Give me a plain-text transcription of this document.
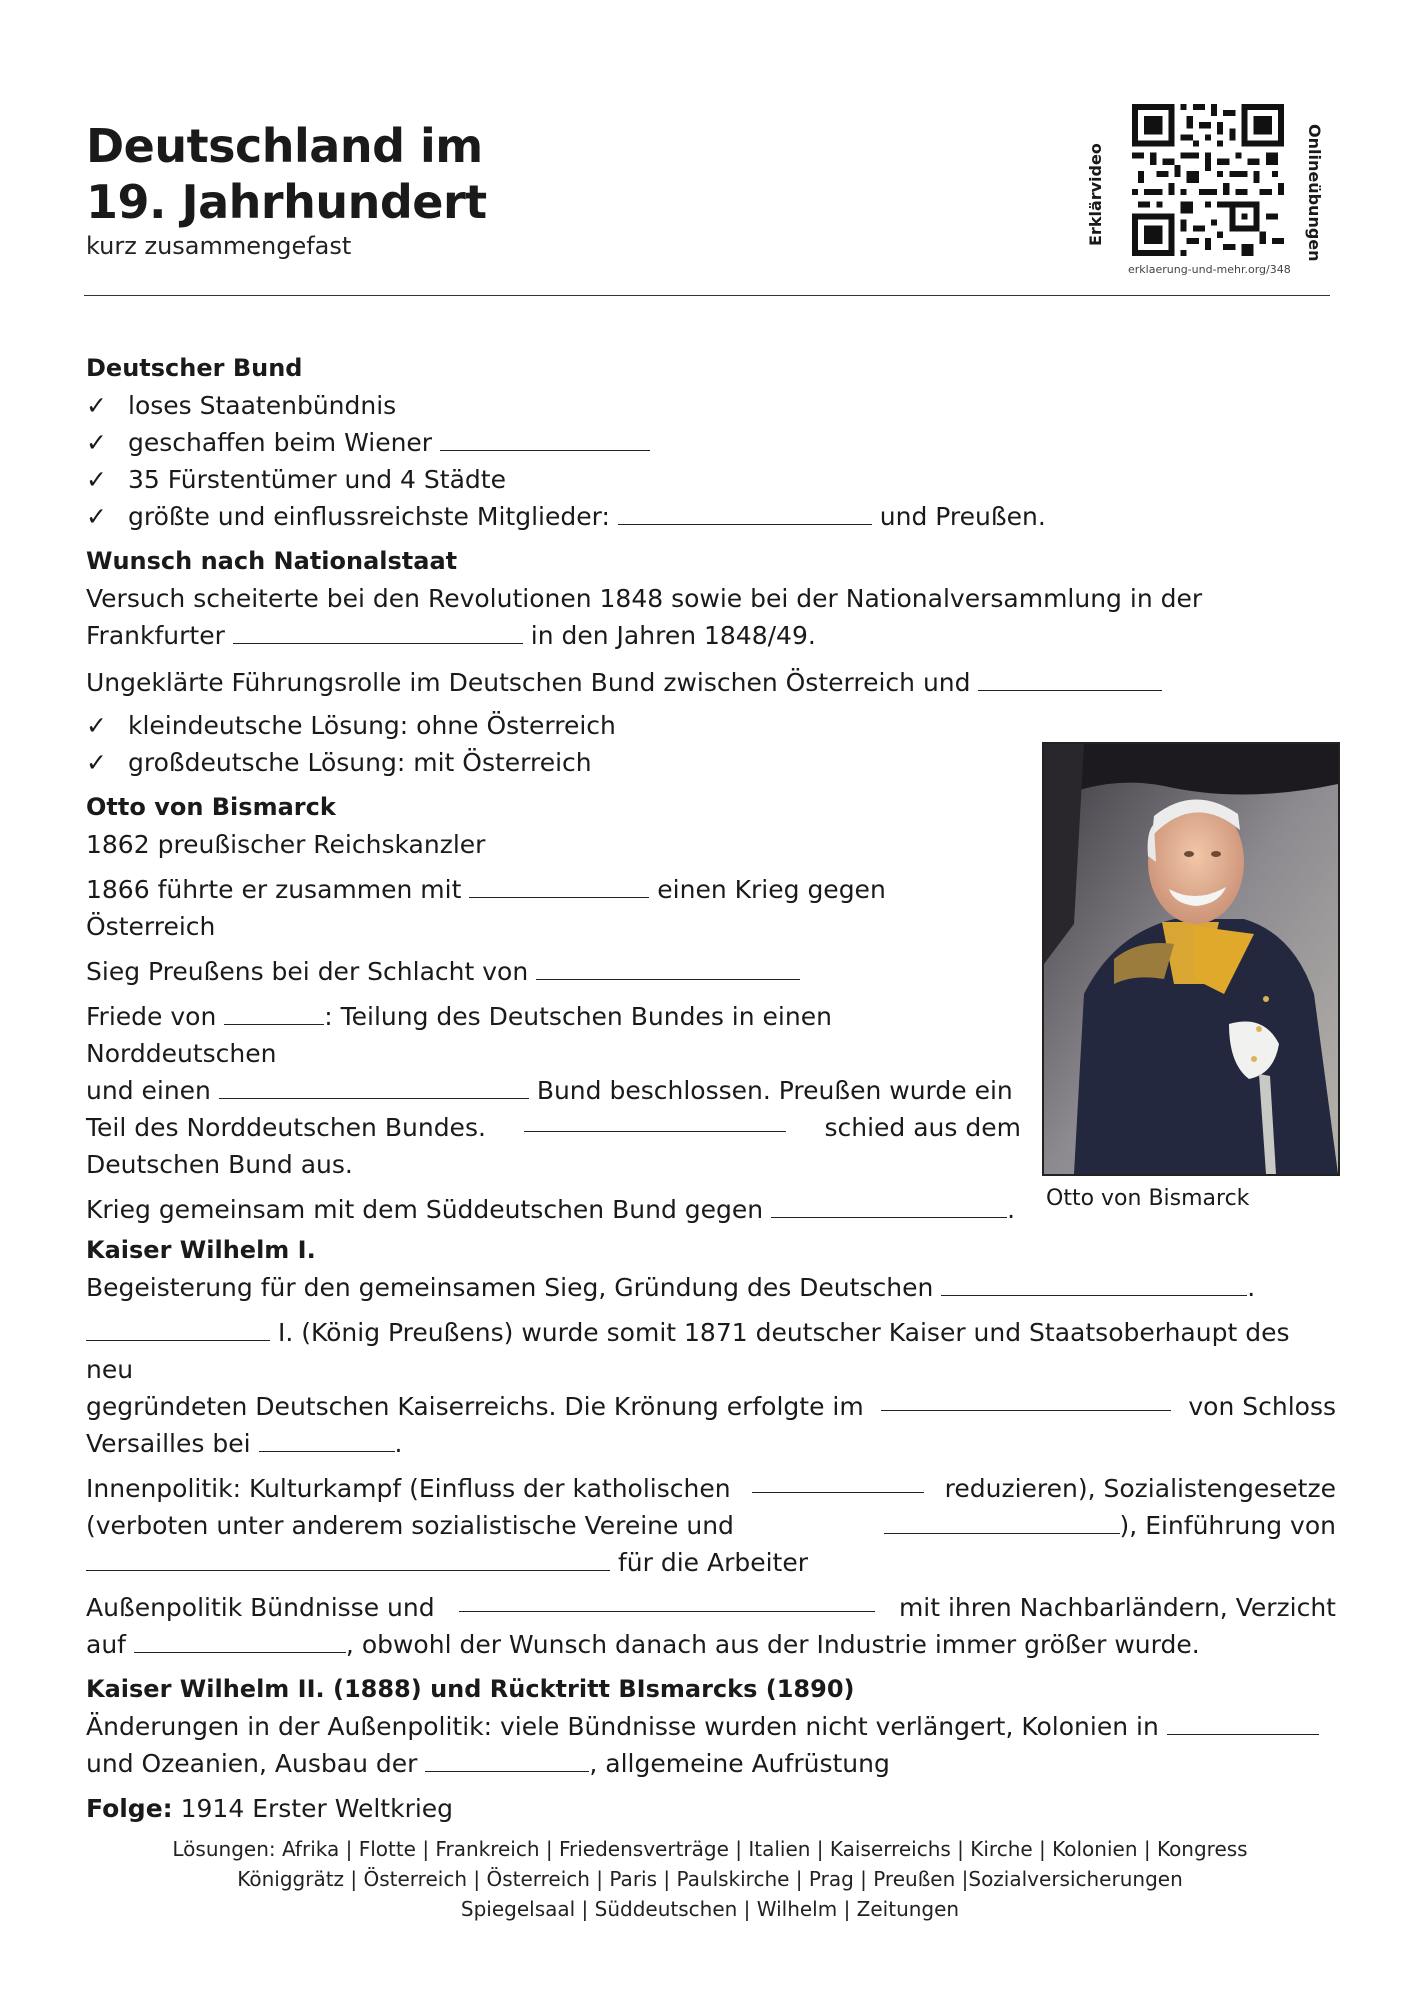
Deutschland im
19. Jahrhundert
kurz zusammengefast	Erklärvideo
erklaerung-und-mehr.org/348
Onlineübungen

Deutscher Bund

✓ loses Staatenbündnis
✓ geschaffen beim Wiener
✓ 35 Fürstentümer und 4 Städte
✓ größte und einflussreichste Mitglieder:	und Preußen.

Wunsch nach Nationalstaat

Versuch scheiterte bei den Revolutionen 1848 sowie bei der Nationalversammlung in der

Frankfurter	in den Jahren 1848/49.

Ungeklärte Führungsrolle im Deutschen Bund zwischen Österreich und

✓ kleindeutsche Lösung: ohne Österreich
✓ großdeutsche Lösung: mit Österreich

Otto von Bismarck

1862 preußischer Reichskanzler

1866 führte er zusammen mit	einen Krieg gegen Österreich

Sieg Preußens bei der Schlacht von

Friede von	: Teilung des Deutschen Bundes in einen Norddeutschen

und einen	Bund beschlossen. Preußen wurde ein

Teil des Norddeutschen Bundes.	schied aus dem

Deutschen Bund aus.

Krieg gemeinsam mit dem Süddeutschen Bund gegen	.

Kaiser Wilhelm I.

Begeisterung für den gemeinsamen Sieg, Gründung des Deutschen	.

I. (König Preußens) wurde somit 1871 deutscher Kaiser und Staatsoberhaupt des neu

gegründeten Deutschen Kaiserreichs. Die Krönung erfolgte im	von Schloss

Versailles bei	.

Innenpolitik: Kulturkampf (Einfluss der katholischen	reduzieren), Sozialistengesetze

(verboten unter anderem sozialistische Vereine und	), Einführung von

für die Arbeiter

Außenpolitik Bündnisse und	mit ihren Nachbarländern, Verzicht

auf	, obwohl der Wunsch danach aus der Industrie immer größer wurde.

Kaiser Wilhelm II. (1888) und Rücktritt BIsmarcks (1890)

Änderungen in der Außenpolitik: viele Bündnisse wurden nicht verlängert, Kolonien in

und Ozeanien, Ausbau der	, allgemeine Aufrüstung

Folge: 1914 Erster Weltkrieg

Otto von Bismarck
Lösungen: Afrika | Flotte | Frankreich | Friedensverträge | Italien | Kaiserreichs | Kirche | Kolonien | Kongress
Königgrätz | Österreich | Österreich | Paris | Paulskirche | Prag | Preußen |Sozialversicherungen
Spiegelsaal | Süddeutschen | Wilhelm | Zeitungen
